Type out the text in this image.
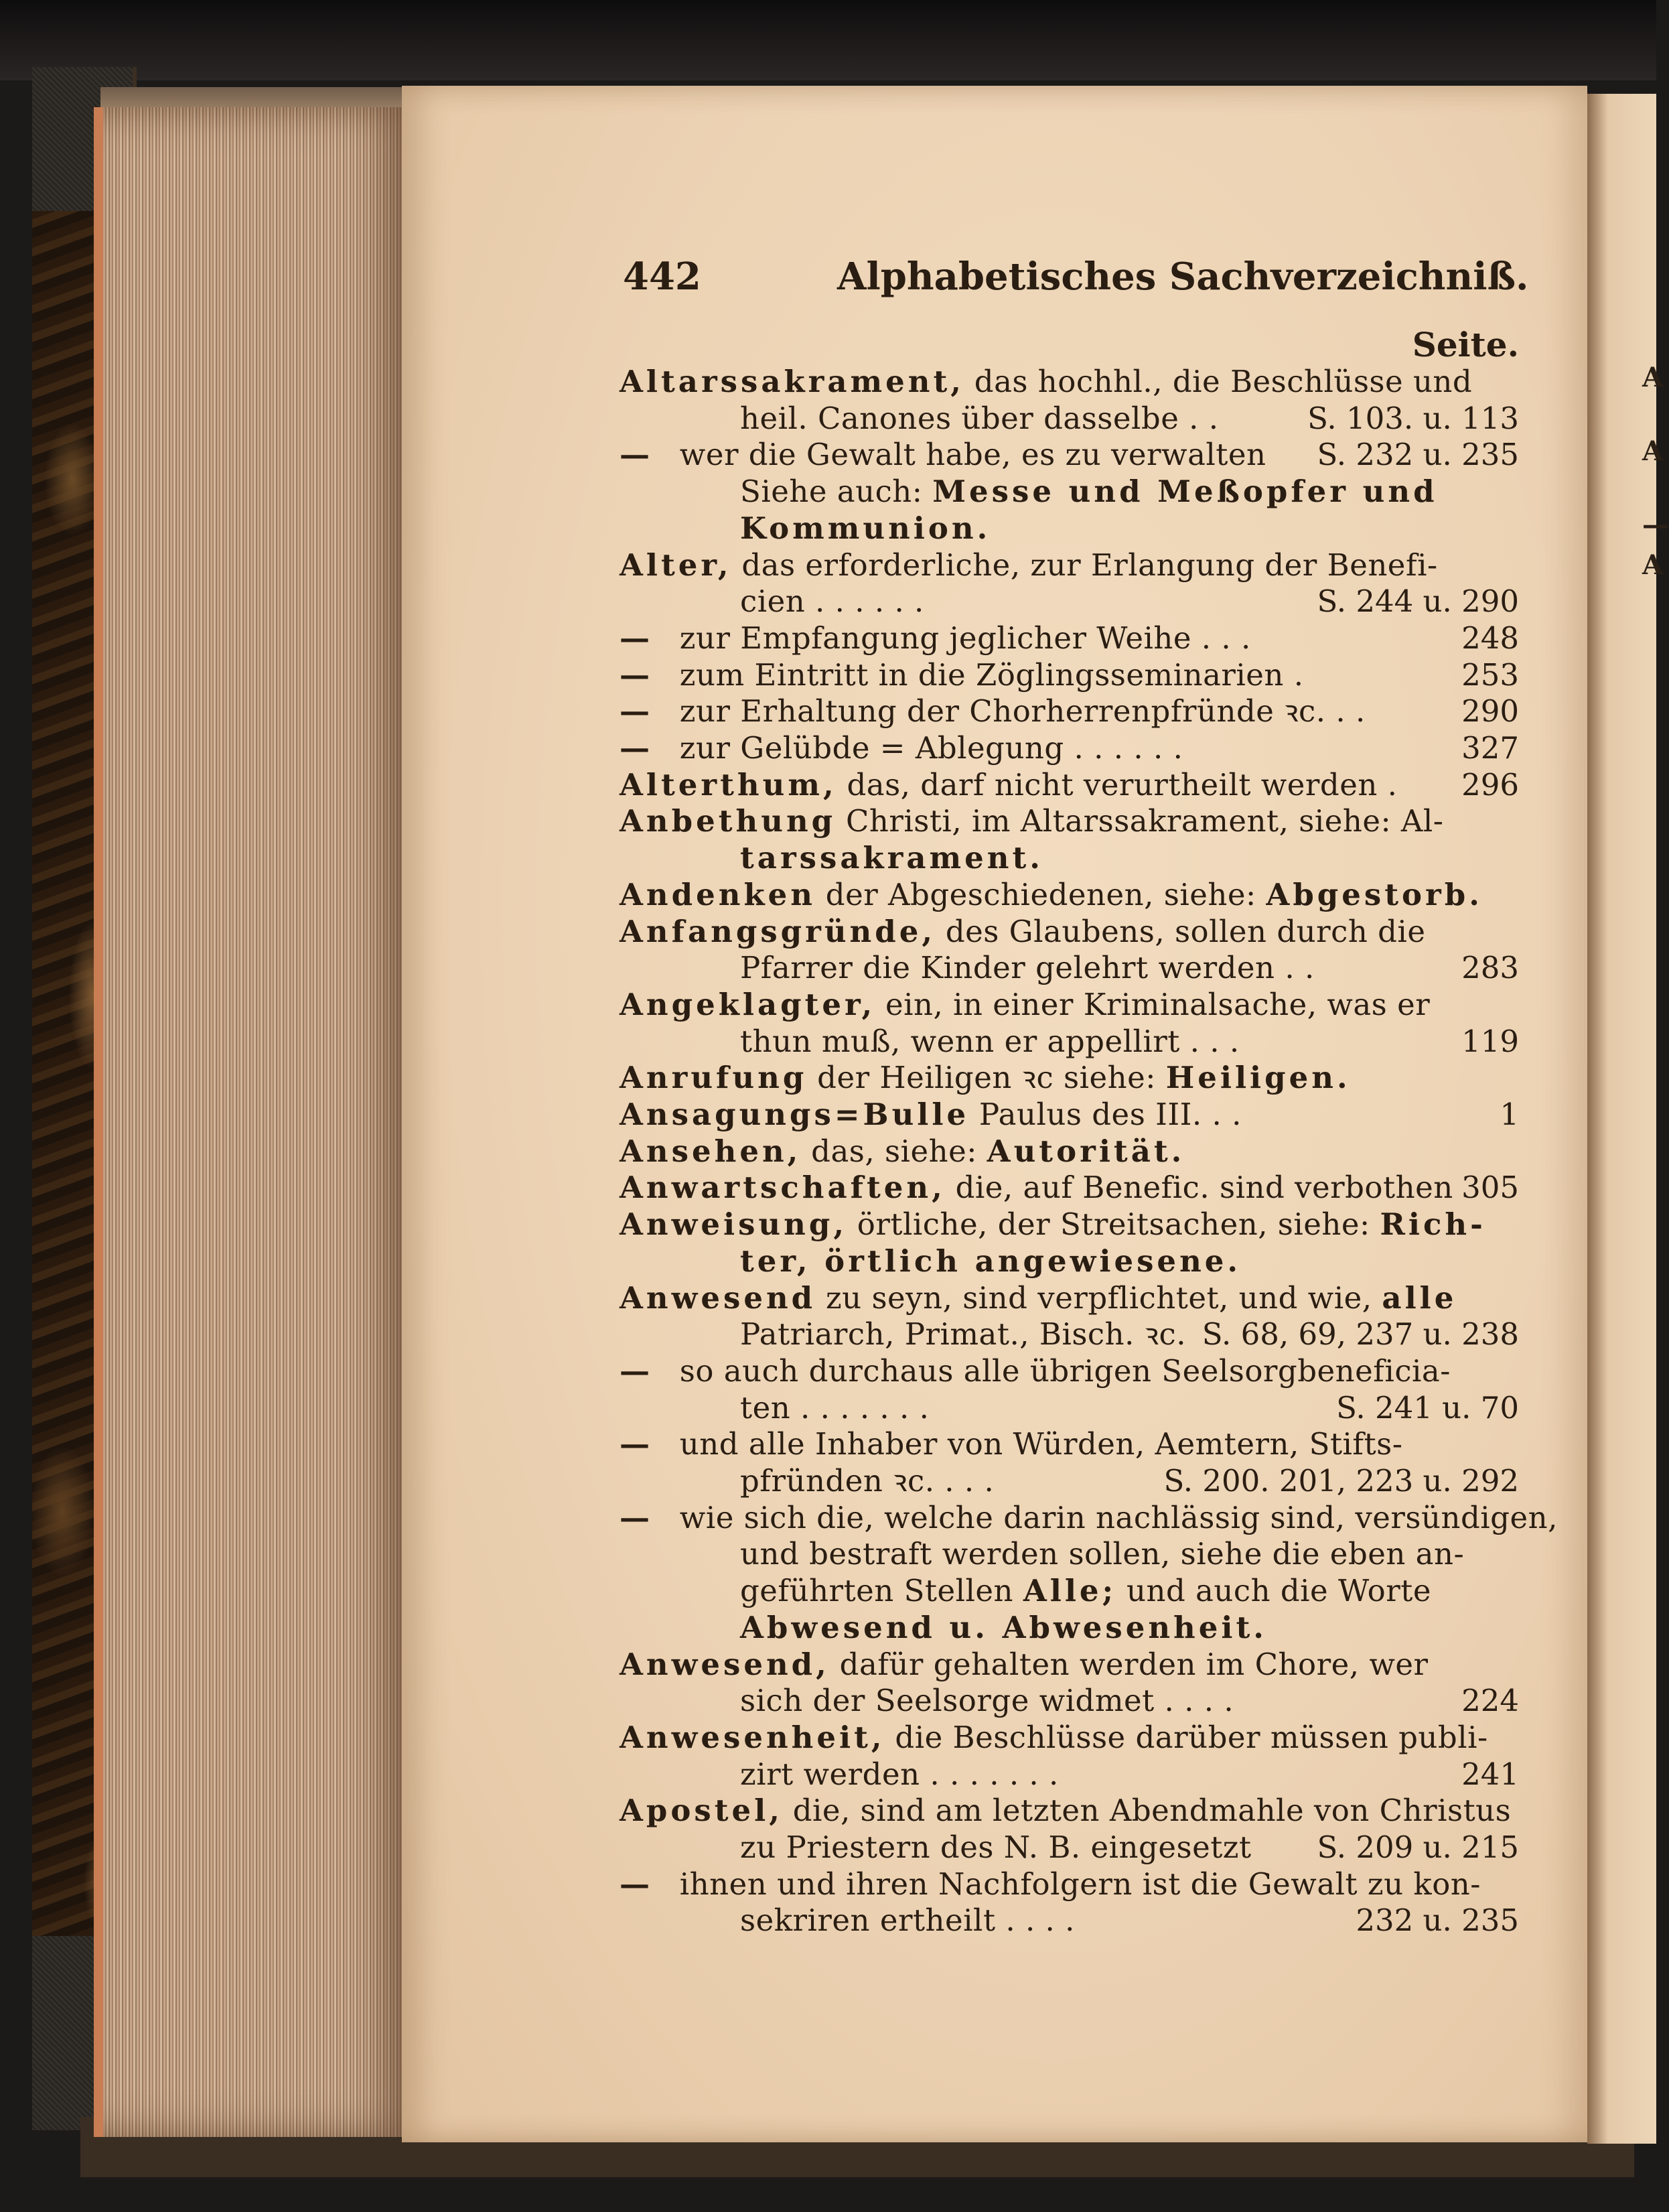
442	Alphabetisches Sachverzeichniß.
Seite.
A
A
—
A
Altarssakrament, das hochhl., die Beschlüsse und
heil. Canones über dasselbe . .	S. 103. u. 113
— wer die Gewalt habe, es zu verwalten S. 232 u. 235
Siehe auch: Messe und Meßopfer und
Kommunion.
Alter, das erforderliche, zur Erlangung der Benefi-
cien . . . . . .	S. 244 u. 290
— zur Empfangung jeglicher Weihe . . .	248
— zum Eintritt in die Zöglingsseminarien .	253
— zur Erhaltung der Chorherrenpfründe ꝛc. . .	290
— zur Gelübde = Ablegung . . . . . .	327
Alterthum, das, darf nicht verurtheilt werden . 296
Anbethung Christi, im Altarssakrament, siehe: Al-
tarssakrament.
Andenken der Abgeschiedenen, siehe: Abgestorb.
Anfangsgründe, des Glaubens, sollen durch die
Pfarrer die Kinder gelehrt werden . .	283
Angeklagter, ein, in einer Kriminalsache, was er
thun muß, wenn er appellirt . . .	119
Anrufung der Heiligen ꝛc siehe: Heiligen.
Ansagungs=Bulle Paulus des III. . .	1
Ansehen, das, siehe: Autorität.
Anwartschaften, die, auf Benefic. sind verbothen 305
Anweisung, örtliche, der Streitsachen, siehe: Rich-
ter, örtlich angewiesene.
Anwesend zu seyn, sind verpflichtet, und wie, alle
Patriarch, Primat., Bisch. ꝛc. S. 68, 69, 237 u. 238
— so auch durchaus alle übrigen Seelsorgbeneficia-
ten . . . . . . .	S. 241 u. 70
— und alle Inhaber von Würden, Aemtern, Stifts-
pfründen ꝛc. . . .	S. 200. 201, 223 u. 292
— wie sich die, welche darin nachlässig sind, versündigen,
und bestraft werden sollen, siehe die eben an-
geführten Stellen Alle; und auch die Worte
Abwesend u. Abwesenheit.
Anwesend, dafür gehalten werden im Chore, wer
sich der Seelsorge widmet . . . .	224
Anwesenheit, die Beschlüsse darüber müssen publi-
zirt werden . . . . . . .	241
Apostel, die, sind am letzten Abendmahle von Christus
zu Priestern des N. B. eingesetzt S. 209 u. 215
— ihnen und ihren Nachfolgern ist die Gewalt zu kon-
sekriren ertheilt . . . .	232 u. 235
